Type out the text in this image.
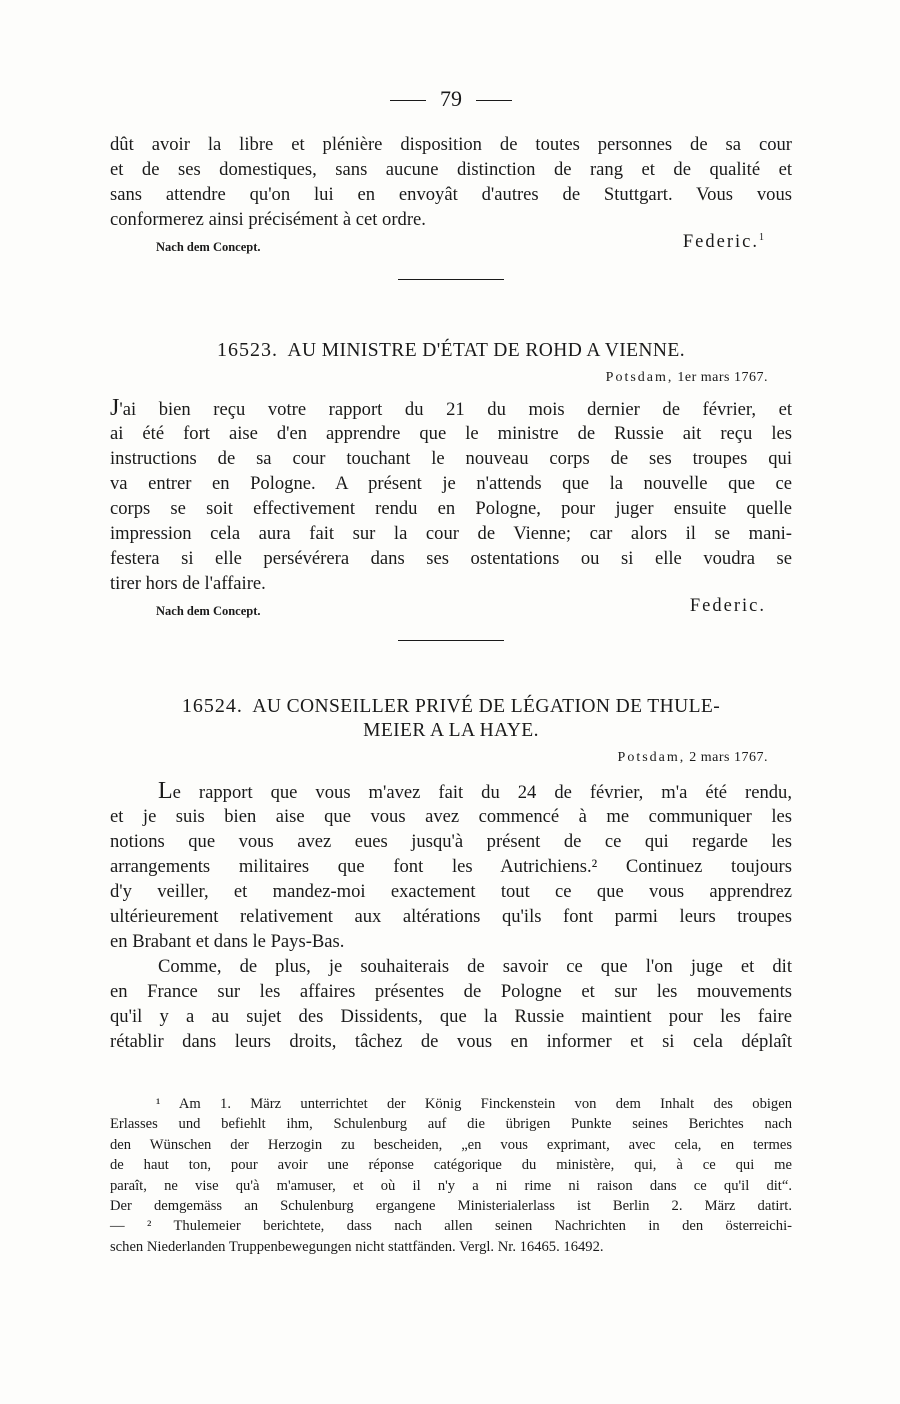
79
dût avoir la libre et plénière disposition de toutes personnes de sa cour
et de ses domestiques, sans aucune distinction de rang et de qualité et
sans attendre qu'on lui en envoyât d'autres de Stuttgart. Vous vous
conformerez ainsi précisément à cet ordre.
Nach dem Concept.	Federic.$^1$
16523. AU MINISTRE D'ÉTAT DE ROHD A VIENNE.
Potsdam, 1er mars 1767.
J'ai bien reçu votre rapport du 21 du mois dernier de février, et
ai été fort aise d'en apprendre que le ministre de Russie ait reçu les
instructions de sa cour touchant le nouveau corps de ses troupes qui
va entrer en Pologne. A présent je n'attends que la nouvelle que ce
corps se soit effectivement rendu en Pologne, pour juger ensuite quelle
impression cela aura fait sur la cour de Vienne; car alors il se mani-
festera si elle persévérera dans ses ostentations ou si elle voudra se
tirer hors de l'affaire.
Nach dem Concept.	Federic.
16524. AU CONSEILLER PRIVÉ DE LÉGATION DE THULE-
MEIER A LA HAYE.
Potsdam, 2 mars 1767.
Le rapport que vous m'avez fait du 24 de février, m'a été rendu,
et je suis bien aise que vous avez commencé à me communiquer les
notions que vous avez eues jusqu'à présent de ce qui regarde les
arrangements militaires que font les Autrichiens.² Continuez toujours
d'y veiller, et mandez-moi exactement tout ce que vous apprendrez
ultérieurement relativement aux altérations qu'ils font parmi leurs troupes
en Brabant et dans le Pays-Bas.
Comme, de plus, je souhaiterais de savoir ce que l'on juge et dit
en France sur les affaires présentes de Pologne et sur les mouvements
qu'il y a au sujet des Dissidents, que la Russie maintient pour les faire
rétablir dans leurs droits, tâchez de vous en informer et si cela déplaît
¹ Am 1. März unterrichtet der König Finckenstein von dem Inhalt des obigen
Erlasses und befiehlt ihm, Schulenburg auf die übrigen Punkte seines Berichtes nach
den Wünschen der Herzogin zu bescheiden, „en vous exprimant, avec cela, en termes
de haut ton, pour avoir une réponse catégorique du ministère, qui, à ce qui me
paraît, ne vise qu'à m'amuser, et où il n'y a ni rime ni raison dans ce qu'il dit“.
Der demgemäss an Schulenburg ergangene Ministerialerlass ist Berlin 2. März datirt.
— ² Thulemeier berichtete, dass nach allen seinen Nachrichten in den österreichi-
schen Niederlanden Truppenbewegungen nicht stattfänden. Vergl. Nr. 16465. 16492.
